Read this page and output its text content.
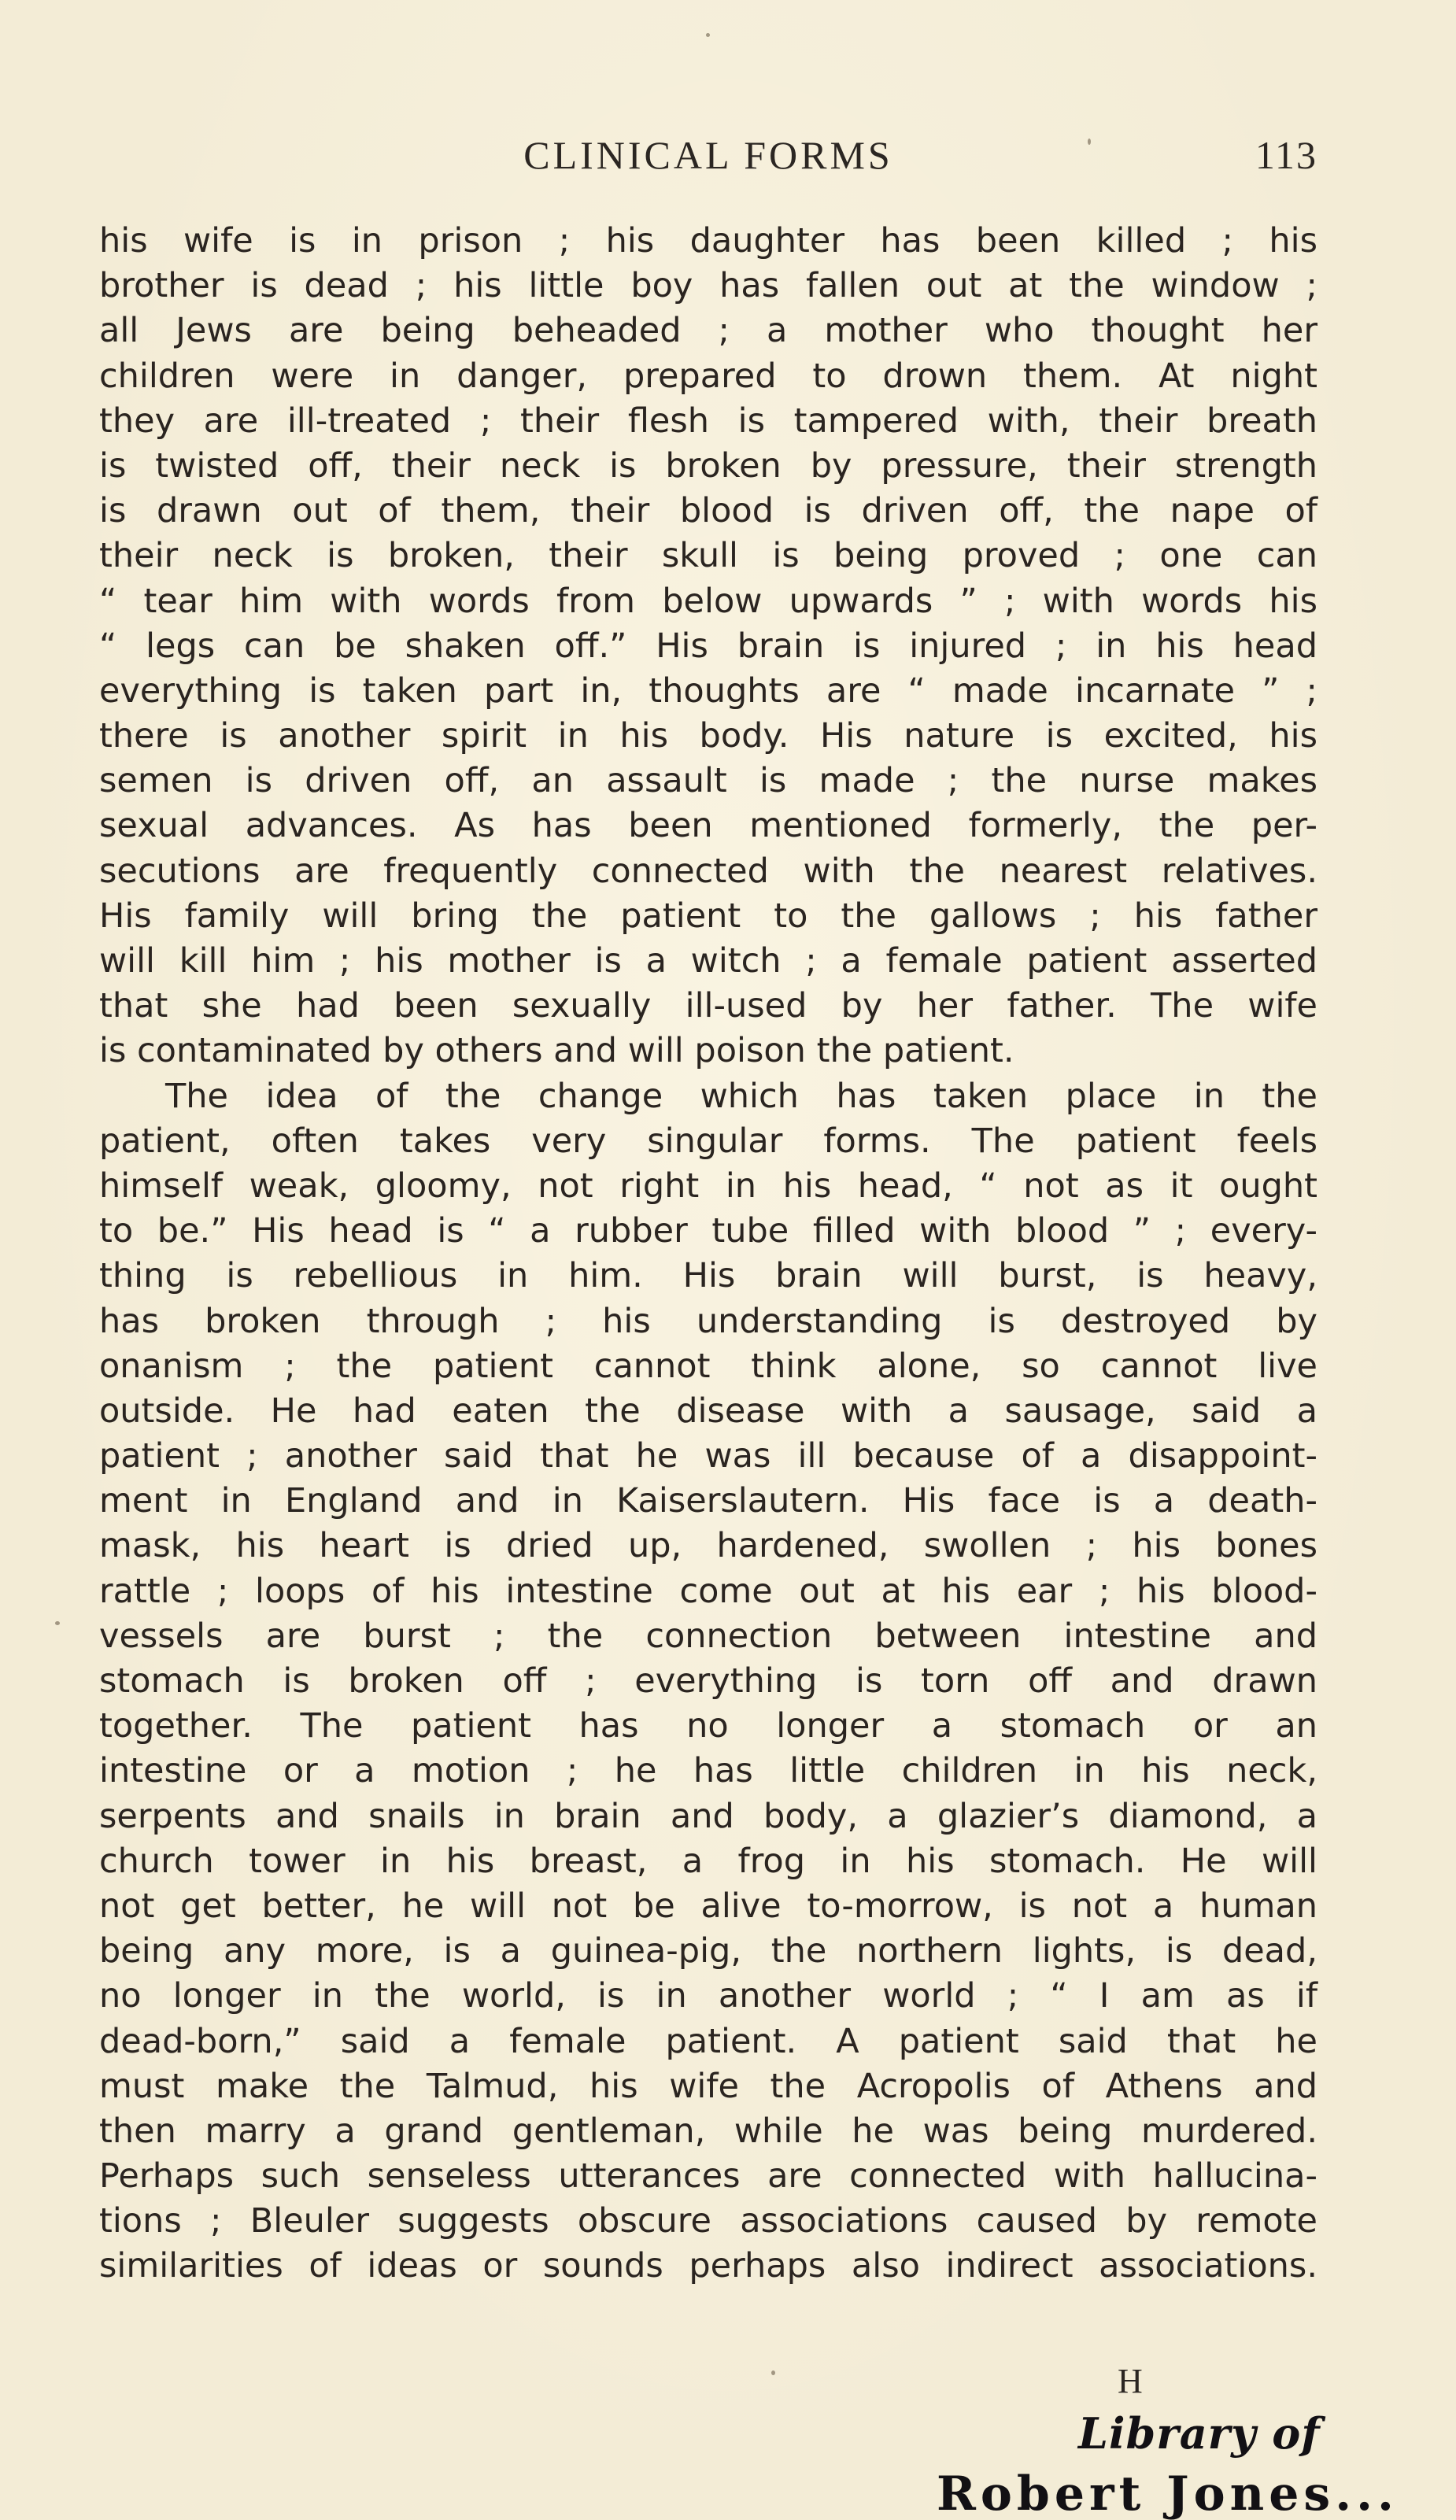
CLINICAL FORMS	113
his wife is in prison ; his daughter has been killed ; his
brother is dead ; his little boy has fallen out at the window ;
all Jews are being beheaded ; a mother who thought her
children were in danger, prepared to drown them. At night
they are ill-treated ; their flesh is tampered with, their breath
is twisted off, their neck is broken by pressure, their strength
is drawn out of them, their blood is driven off, the nape of
their neck is broken, their skull is being proved ; one can
“ tear him with words from below upwards ” ; with words his
“ legs can be shaken off.” His brain is injured ; in his head
everything is taken part in, thoughts are “ made incarnate ” ;
there is another spirit in his body. His nature is excited, his
semen is driven off, an assault is made ; the nurse makes
sexual advances. As has been mentioned formerly, the per-
secutions are frequently connected with the nearest relatives.
His family will bring the patient to the gallows ; his father
will kill him ; his mother is a witch ; a female patient asserted
that she had been sexually ill-used by her father. The wife
is contaminated by others and will poison the patient.
The idea of the change which has taken place in the
patient, often takes very singular forms. The patient feels
himself weak, gloomy, not right in his head, “ not as it ought
to be.” His head is “ a rubber tube filled with blood ” ; every-
thing is rebellious in him. His brain will burst, is heavy,
has broken through ; his understanding is destroyed by
onanism ; the patient cannot think alone, so cannot live
outside. He had eaten the disease with a sausage, said a
patient ; another said that he was ill because of a disappoint-
ment in England and in Kaiserslautern. His face is a death-
mask, his heart is dried up, hardened, swollen ; his bones
rattle ; loops of his intestine come out at his ear ; his blood-
vessels are burst ; the connection between intestine and
stomach is broken off ; everything is torn off and drawn
together. The patient has no longer a stomach or an
intestine or a motion ; he has little children in his neck,
serpents and snails in brain and body, a glazier’s diamond, a
church tower in his breast, a frog in his stomach. He will
not get better, he will not be alive to-morrow, is not a human
being any more, is a guinea-pig, the northern lights, is dead,
no longer in the world, is in another world ; “ I am as if
dead-born,” said a female patient. A patient said that he
must make the Talmud, his wife the Acropolis of Athens and
then marry a grand gentleman, while he was being murdered.
Perhaps such senseless utterances are connected with hallucina-
tions ; Bleuler suggests obscure associations caused by remote
similarities of ideas or sounds perhaps also indirect associations.
H
Library of
Robert Jones...
